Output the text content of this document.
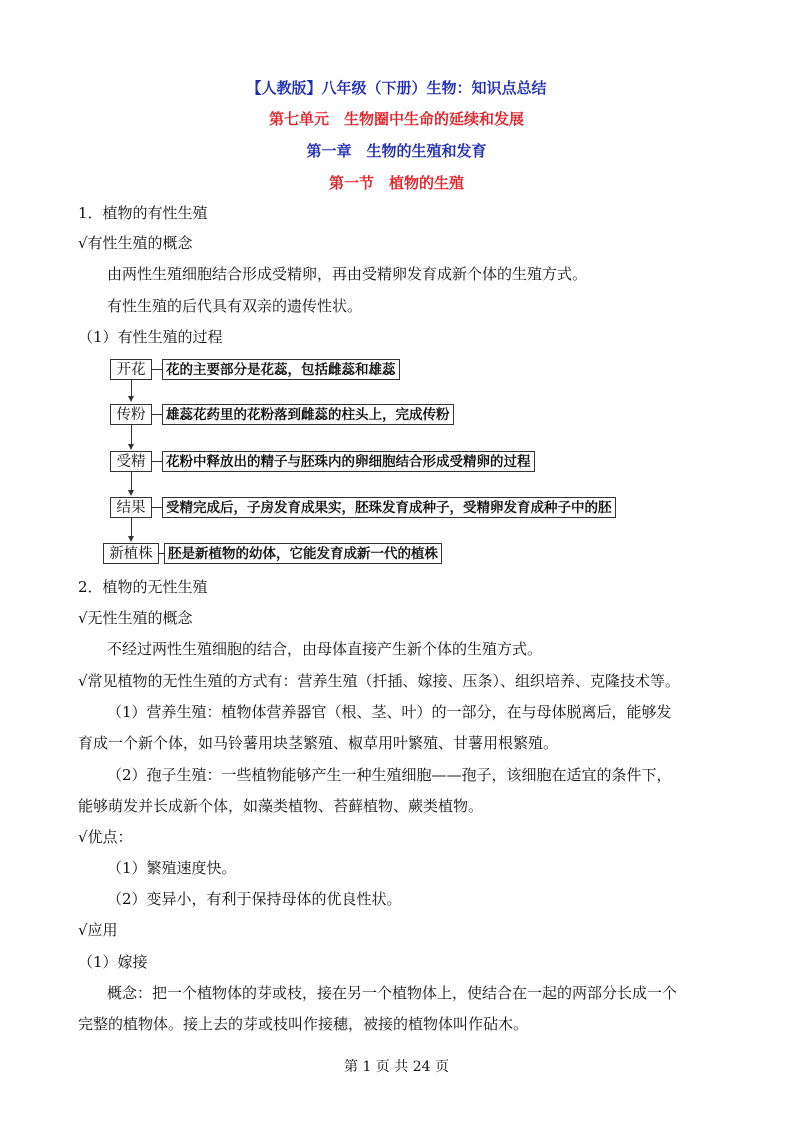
【人教版】八年级（下册）生物：知识点总结
第七单元　生物圈中生命的延续和发展
第一章　生物的生殖和发育
第一节　植物的生殖
1．植物的有性生殖
√有性生殖的概念
由两性生殖细胞结合形成受精卵，再由受精卵发育成新个体的生殖方式。
有性生殖的后代具有双亲的遗传性状。
（1）有性生殖的过程
开花	花的主要部分是花蕊，包括雌蕊和雄蕊
传粉	雄蕊花药里的花粉落到雌蕊的柱头上，完成传粉
受精	花粉中释放出的精子与胚珠内的卵细胞结合形成受精卵的过程
结果	受精完成后，子房发育成果实，胚珠发育成种子，受精卵发育成种子中的胚
新植株	胚是新植物的幼体，它能发育成新一代的植株
2．植物的无性生殖
√无性生殖的概念
不经过两性生殖细胞的结合，由母体直接产生新个体的生殖方式。
√常见植物的无性生殖的方式有：营养生殖（扦插、嫁接、压条）、组织培养、克隆技术等。
（1）营养生殖：植物体营养器官（根、茎、叶）的一部分，在与母体脱离后，能够发
育成一个新个体，如马铃薯用块茎繁殖、椒草用叶繁殖、甘薯用根繁殖。
（2）孢子生殖：一些植物能够产生一种生殖细胞——孢子，该细胞在适宜的条件下，
能够萌发并长成新个体，如藻类植物、苔藓植物、蕨类植物。
√优点：
（1）繁殖速度快。
（2）变异小，有利于保持母体的优良性状。
√应用
（1）嫁接
概念：把一个植物体的芽或枝，接在另一个植物体上，使结合在一起的两部分长成一个
完整的植物体。接上去的芽或枝叫作接穗，被接的植物体叫作砧木。
第 1 页 共 24 页
